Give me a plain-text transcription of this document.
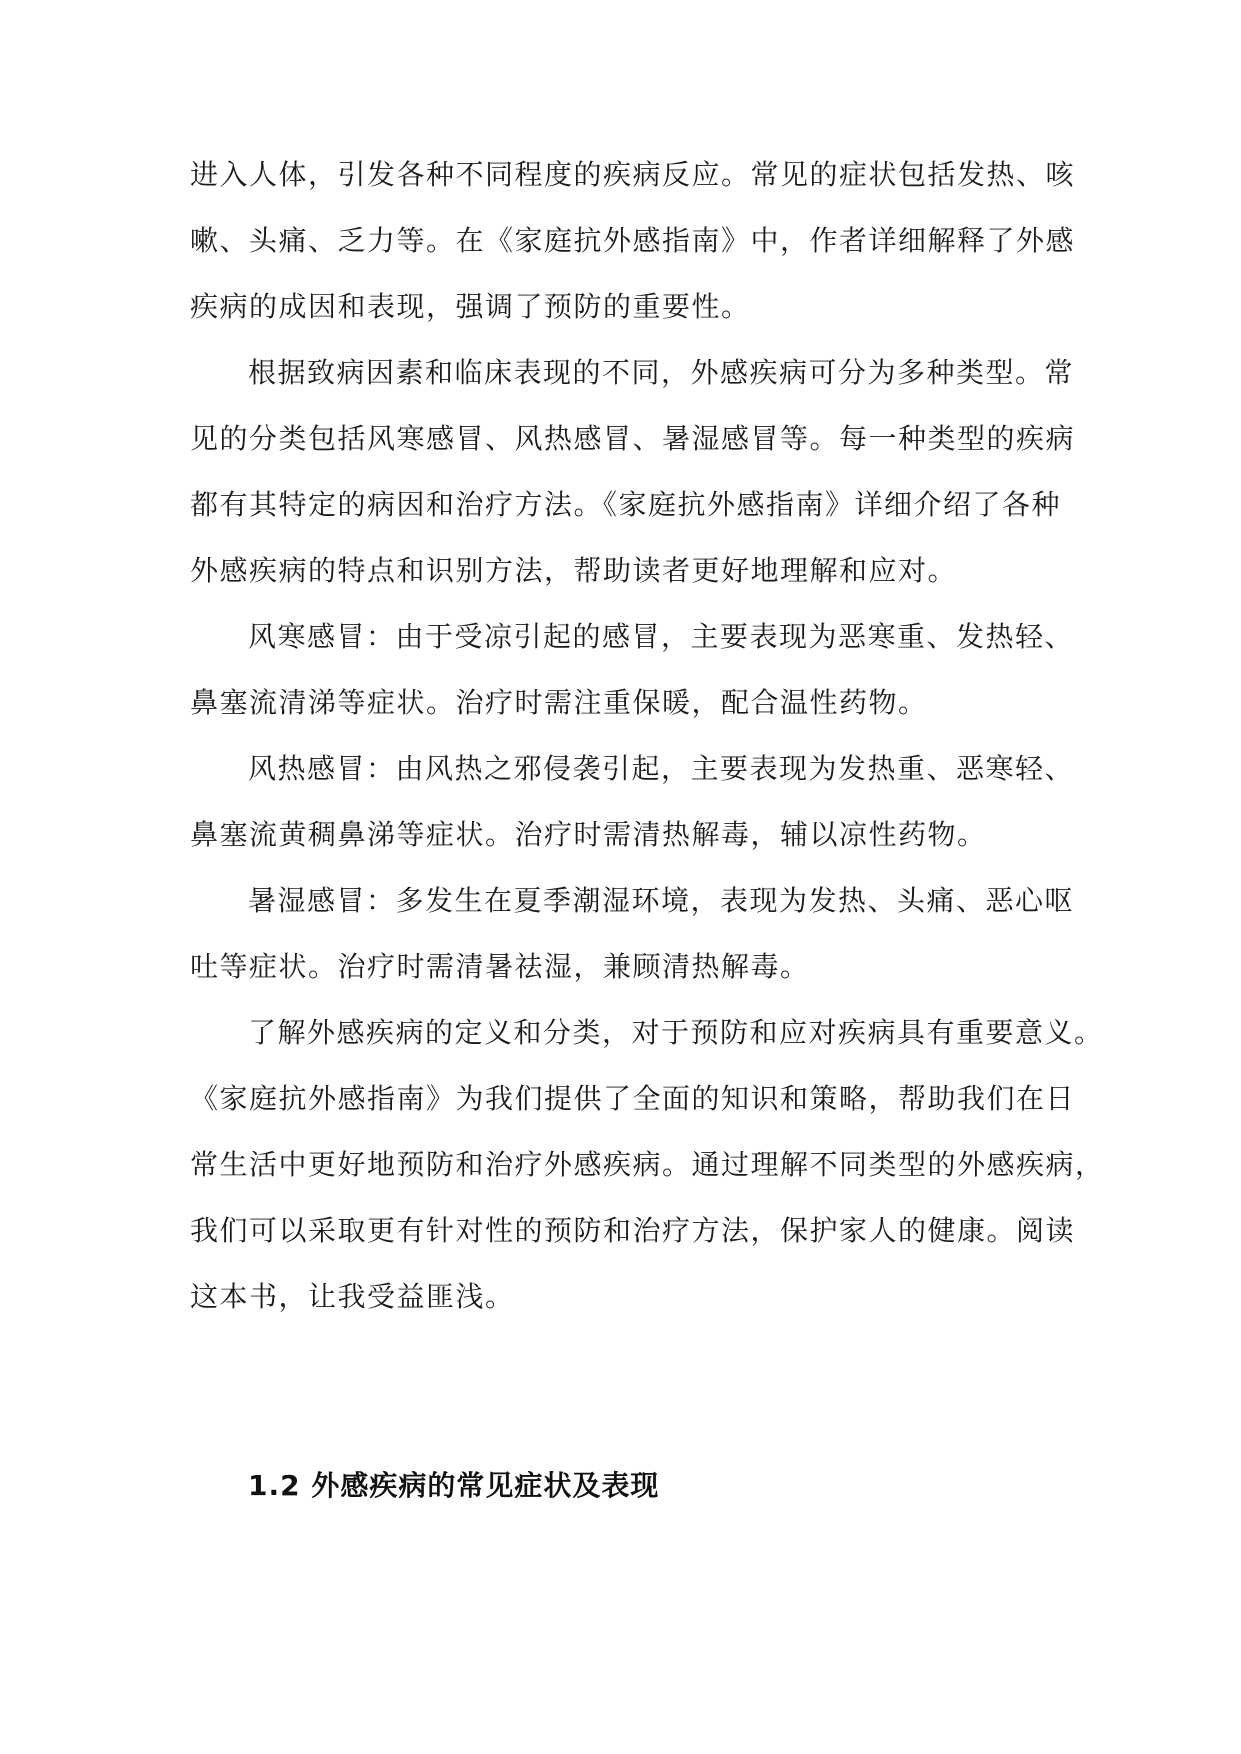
进入人体，引发各种不同程度的疾病反应。常见的症状包括发热、咳
嗽、头痛、乏力等。在《家庭抗外感指南》中，作者详细解释了外感
疾病的成因和表现，强调了预防的重要性。
根据致病因素和临床表现的不同，外感疾病可分为多种类型。常
见的分类包括风寒感冒、风热感冒、暑湿感冒等。每一种类型的疾病
都有其特定的病因和治疗方法。《家庭抗外感指南》详细介绍了各种
外感疾病的特点和识别方法，帮助读者更好地理解和应对。
风寒感冒：由于受凉引起的感冒，主要表现为恶寒重、发热轻、
鼻塞流清涕等症状。治疗时需注重保暖，配合温性药物。
风热感冒：由风热之邪侵袭引起，主要表现为发热重、恶寒轻、
鼻塞流黄稠鼻涕等症状。治疗时需清热解毒，辅以凉性药物。
暑湿感冒：多发生在夏季潮湿环境，表现为发热、头痛、恶心呕
吐等症状。治疗时需清暑祛湿，兼顾清热解毒。
了解外感疾病的定义和分类，对于预防和应对疾病具有重要意义。
《家庭抗外感指南》为我们提供了全面的知识和策略，帮助我们在日
常生活中更好地预防和治疗外感疾病。通过理解不同类型的外感疾病，
我们可以采取更有针对性的预防和治疗方法，保护家人的健康。阅读
这本书，让我受益匪浅。
1.2 外感疾病的常见症状及表现
